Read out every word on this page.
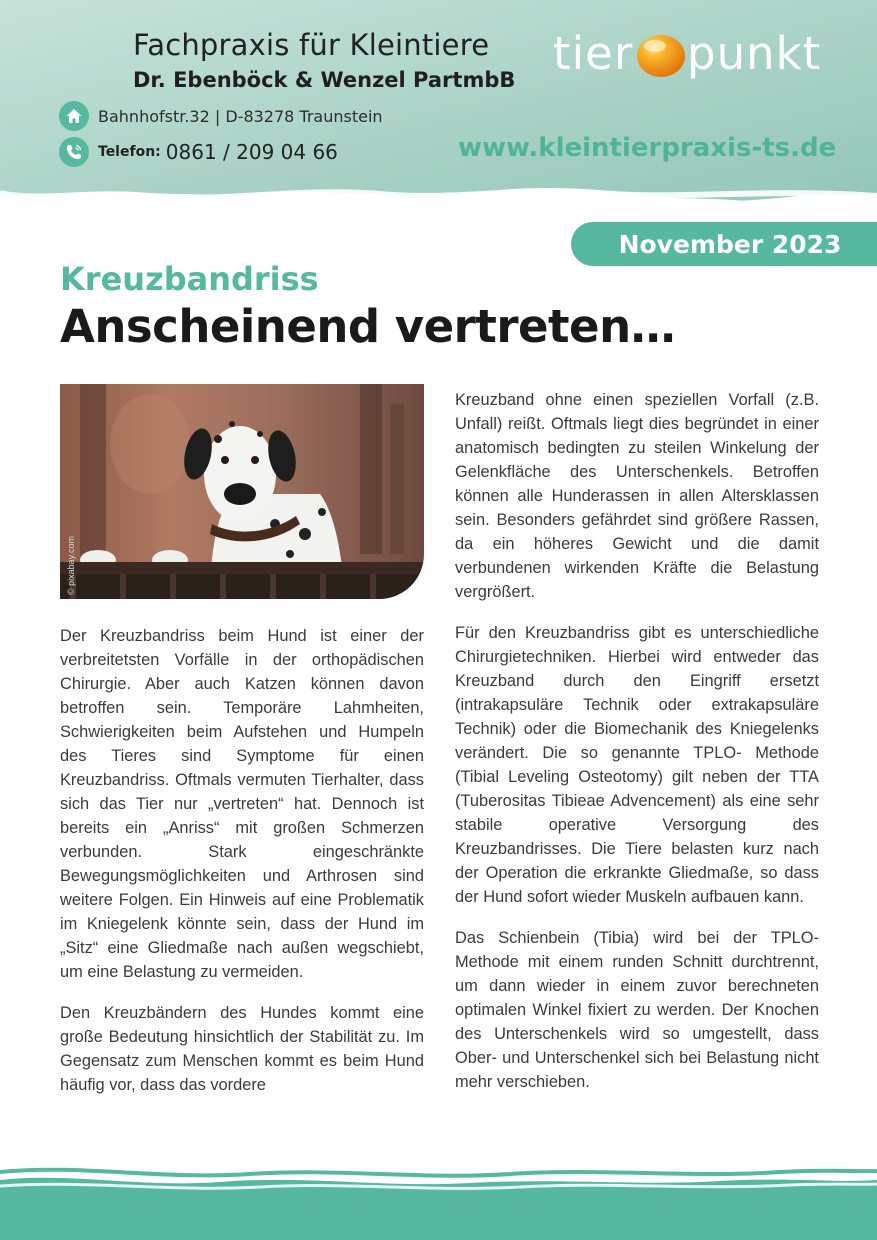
Fachpraxis für Kleintiere
Dr. Ebenböck & Wenzel PartmbB tier punkt
Bahnhofstr.32 | D-83278 Traunstein
Telefon: 0861 / 209 04 66	www.kleintierpraxis-ts.de
November 2023
Kreuzbandriss
Anscheinend vertreten…
© pixabay.com

Der Kreuzbandriss beim Hund ist einer der verbreitetsten Vorfälle in der orthopädischen Chirurgie. Aber auch Katzen können davon betroffen sein. Temporäre Lahmheiten, Schwierigkeiten beim Aufstehen und Humpeln des Tieres sind Symptome für einen Kreuzbandriss. Oftmals vermuten Tierhalter, dass sich das Tier nur „vertreten“ hat. Dennoch ist bereits ein „Anriss“ mit großen Schmerzen verbunden. Stark eingeschränkte Bewegungsmöglichkeiten und Arthrosen sind weitere Folgen. Ein Hinweis auf eine Problematik im Kniegelenk könnte sein, dass der Hund im „Sitz“ eine Gliedmaße nach außen wegschiebt, um eine Belastung zu vermeiden.

Den Kreuzbändern des Hundes kommt eine große Bedeutung hinsichtlich der Stabilität zu. Im Gegensatz zum Menschen kommt es beim Hund häufig vor, dass das vordere

Kreuzband ohne einen speziellen Vorfall (z.B. Unfall) reißt. Oftmals liegt dies begründet in einer anatomisch bedingten zu steilen Winkelung der Gelenkfläche des Unterschenkels. Betroffen können alle Hunderassen in allen Altersklassen sein. Besonders gefährdet sind größere Rassen, da ein höheres Gewicht und die damit verbundenen wirkenden Kräfte die Belastung vergrößert.

Für den Kreuzbandriss gibt es unterschiedliche Chirurgietechniken. Hierbei wird entweder das Kreuzband durch den Eingriff ersetzt (intrakapsuläre Technik oder extrakapsuläre Technik) oder die Biomechanik des Kniegelenks verändert. Die so genannte TPLO- Methode (Tibial Leveling Osteotomy) gilt neben der TTA (Tuberositas Tibieae Advencement) als eine sehr stabile operative Versorgung des Kreuzbandrisses. Die Tiere belasten kurz nach der Operation die erkrankte Gliedmaße, so dass der Hund sofort wieder Muskeln aufbauen kann.

Das Schienbein (Tibia) wird bei der TPLO-Methode mit einem runden Schnitt durchtrennt, um dann wieder in einem zuvor berechneten optimalen Winkel fixiert zu werden. Der Knochen des Unterschenkels wird so umgestellt, dass Ober- und Unterschenkel sich bei Belastung nicht mehr verschieben.
